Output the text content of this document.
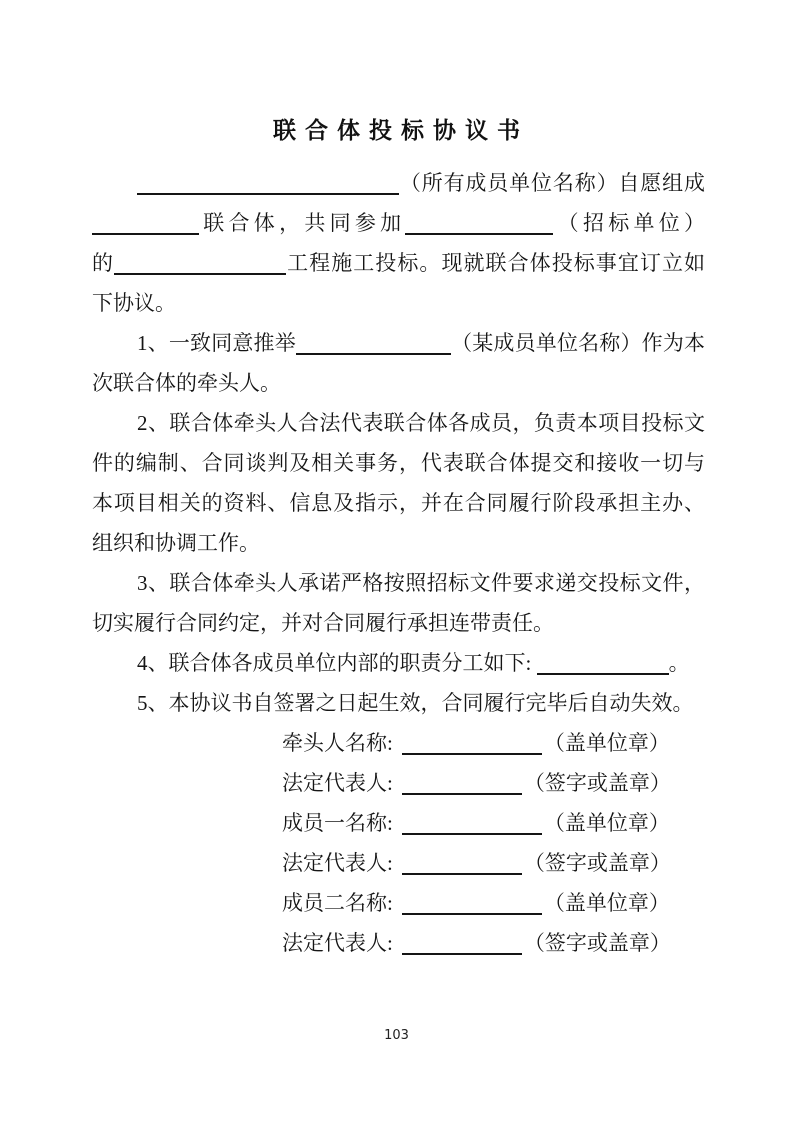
联合体投标协议书
（所有成员单位名称）自愿组成
联合体，共同参加	（招标单位）
的	工程施工投标。现就联合体投标事宜订立如
下协议。
1、一致同意推举	（某成员单位名称）作为本
次联合体的牵头人。
2、联合体牵头人合法代表联合体各成员，负责本项目投标文
件的编制、合同谈判及相关事务，代表联合体提交和接收一切与
本项目相关的资料、信息及指示，并在合同履行阶段承担主办、
组织和协调工作。
3、联合体牵头人承诺严格按照招标文件要求递交投标文件，
切实履行合同约定，并对合同履行承担连带责任。
4、联合体各成员单位内部的职责分工如下:	。
5、本协议书自签署之日起生效，合同履行完毕后自动失效。
牵头人名称:	（盖单位章）
法定代表人:	（签字或盖章）
成员一名称:	（盖单位章）
法定代表人:	（签字或盖章）
成员二名称:	（盖单位章）
法定代表人:	（签字或盖章）
103
